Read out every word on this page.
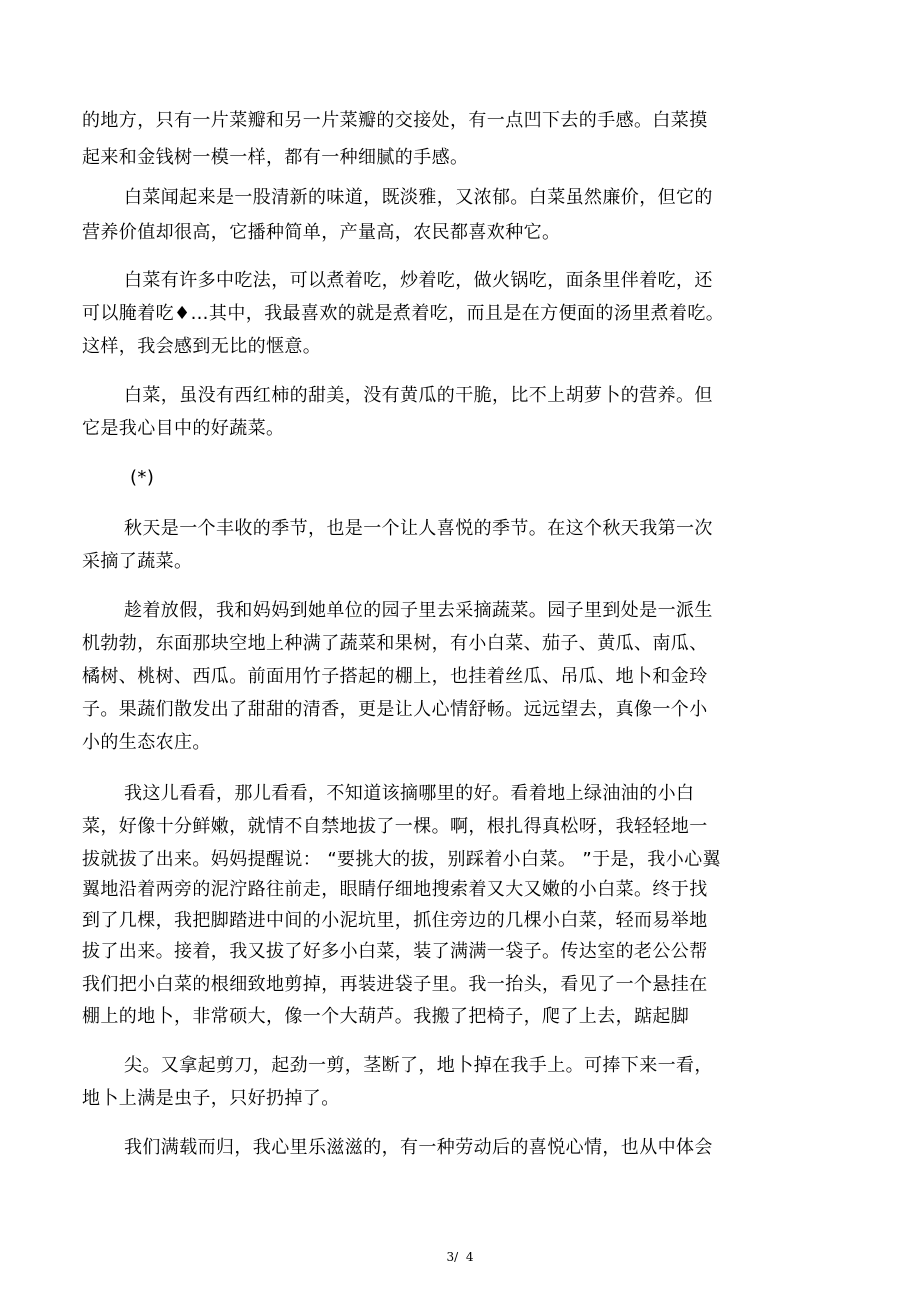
的地方，只有一片菜瓣和另一片菜瓣的交接处，有一点凹下去的手感。白菜摸
起来和金钱树一模一样，都有一种细腻的手感。
白菜闻起来是一股清新的味道，既淡雅，又浓郁。白菜虽然廉价，但它的
营养价值却很高，它播种简单，产量高，农民都喜欢种它。
白菜有许多中吃法，可以煮着吃，炒着吃，做火锅吃，面条里伴着吃，还
可以腌着吃♦…其中，我最喜欢的就是煮着吃，而且是在方便面的汤里煮着吃。
这样，我会感到无比的惬意。
白菜，虽没有西红柿的甜美，没有黄瓜的干脆，比不上胡萝卜的营养。但
它是我心目中的好蔬菜。
(*)
秋天是一个丰收的季节，也是一个让人喜悦的季节。在这个秋天我第一次
采摘了蔬菜。
趁着放假，我和妈妈到她单位的园子里去采摘蔬菜。园子里到处是一派生
机勃勃，东面那块空地上种满了蔬菜和果树，有小白菜、茄子、黄瓜、南瓜、
橘树、桃树、西瓜。前面用竹子搭起的棚上，也挂着丝瓜、吊瓜、地卜和金玲
子。果蔬们散发出了甜甜的清香，更是让人心情舒畅。远远望去，真像一个小
小的生态农庄。
我这儿看看，那儿看看，不知道该摘哪里的好。看着地上绿油油的小白
菜，好像十分鲜嫩，就情不自禁地拔了一棵。啊，根扎得真松呀，我轻轻地一
拔就拔了出来。妈妈提醒说： “要挑大的拔，别踩着小白菜。 ”于是，我小心翼
翼地沿着两旁的泥泞路往前走，眼睛仔细地搜索着又大又嫩的小白菜。终于找
到了几棵，我把脚踏进中间的小泥坑里，抓住旁边的几棵小白菜，轻而易举地
拔了出来。接着，我又拔了好多小白菜，装了满满一袋子。传达室的老公公帮
我们把小白菜的根细致地剪掉，再装进袋子里。我一抬头，看见了一个悬挂在
棚上的地卜，非常硕大，像一个大葫芦。我搬了把椅子，爬了上去，踮起脚
尖。又拿起剪刀，起劲一剪，茎断了，地卜掉在我手上。可捧下来一看，
地卜上满是虫子，只好扔掉了。
我们满载而归，我心里乐滋滋的，有一种劳动后的喜悦心情，也从中体会
3/  4
